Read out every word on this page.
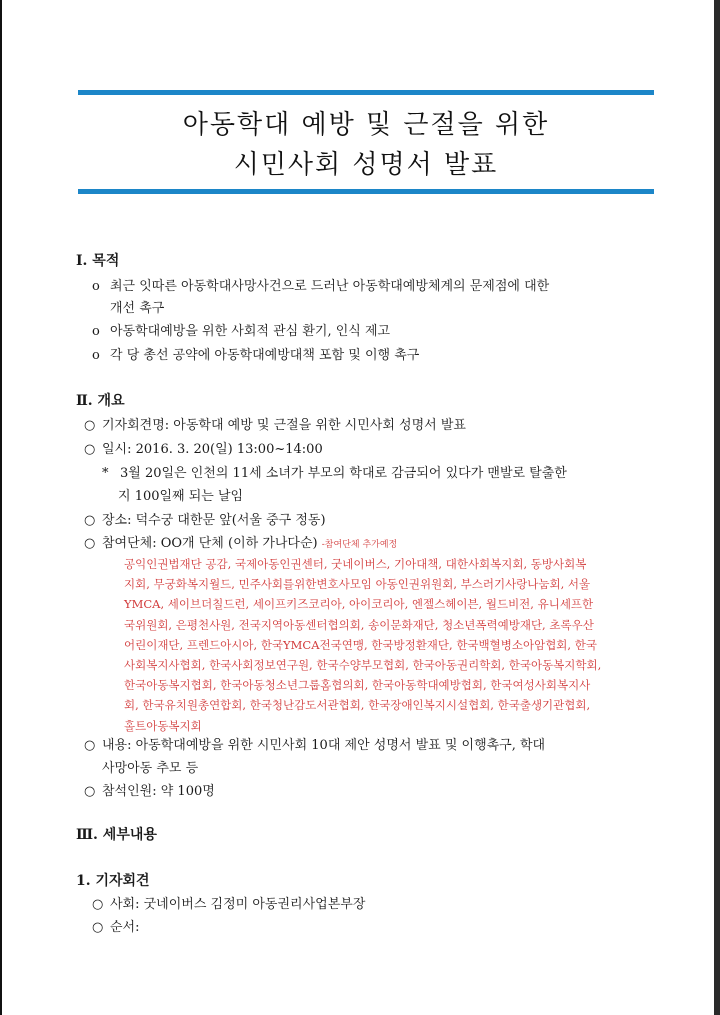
아동학대 예방 및 근절을 위한
시민사회 성명서 발표
Ⅰ. 목적
o 최근 잇따른 아동학대사망사건으로 드러난 아동학대예방체계의 문제점에 대한
개선 촉구
o 아동학대예방을 위한 사회적 관심 환기, 인식 제고
o 각 당 총선 공약에 아동학대예방대책 포함 및 이행 촉구
Ⅱ. 개요
○ 기자회견명: 아동학대 예방 및 근절을 위한 시민사회 성명서 발표
○ 일시: 2016. 3. 20(일) 13:00~14:00
* 3월 20일은 인천의 11세 소녀가 부모의 학대로 감금되어 있다가 맨발로 탈출한
지 100일째 되는 날임
○ 장소: 덕수궁 대한문 앞(서울 중구 정동)
○ 참여단체: OO개 단체 (이하 가나다순) -참여단체 추가예정
공익인권법재단 공감, 국제아동인권센터, 굿네이버스, 기아대책, 대한사회복지회, 동방사회복
지회, 무궁화복지월드, 민주사회를위한변호사모임 아동인권위원회, 부스러기사랑나눔회, 서울
YMCA, 세이브더칠드런, 세이프키즈코리아, 아이코리아, 엔젤스헤이븐, 월드비전, 유니세프한
국위원회, 은평천사원, 전국지역아동센터협의회, 송이문화재단, 청소년폭력예방재단, 초록우산
어린이재단, 프렌드아시아, 한국YMCA전국연맹, 한국방정환재단, 한국백혈병소아암협회, 한국
사회복지사협회, 한국사회정보연구원, 한국수양부모협회, 한국아동권리학회, 한국아동복지학회,
한국아동복지협회, 한국아동청소년그룹홈협의회, 한국아동학대예방협회, 한국여성사회복지사
회, 한국유치원총연합회, 한국청난감도서관협회, 한국장애인복지시설협회, 한국출생기관협회,
홀트아동복지회
○ 내용: 아동학대예방을 위한 시민사회 10대 제안 성명서 발표 및 이행촉구, 학대
사망아동 추모 등
○ 참석인원: 약 100명
Ⅲ. 세부내용
1. 기자회견
○ 사회: 굿네이버스 김정미 아동권리사업본부장
○ 순서:
